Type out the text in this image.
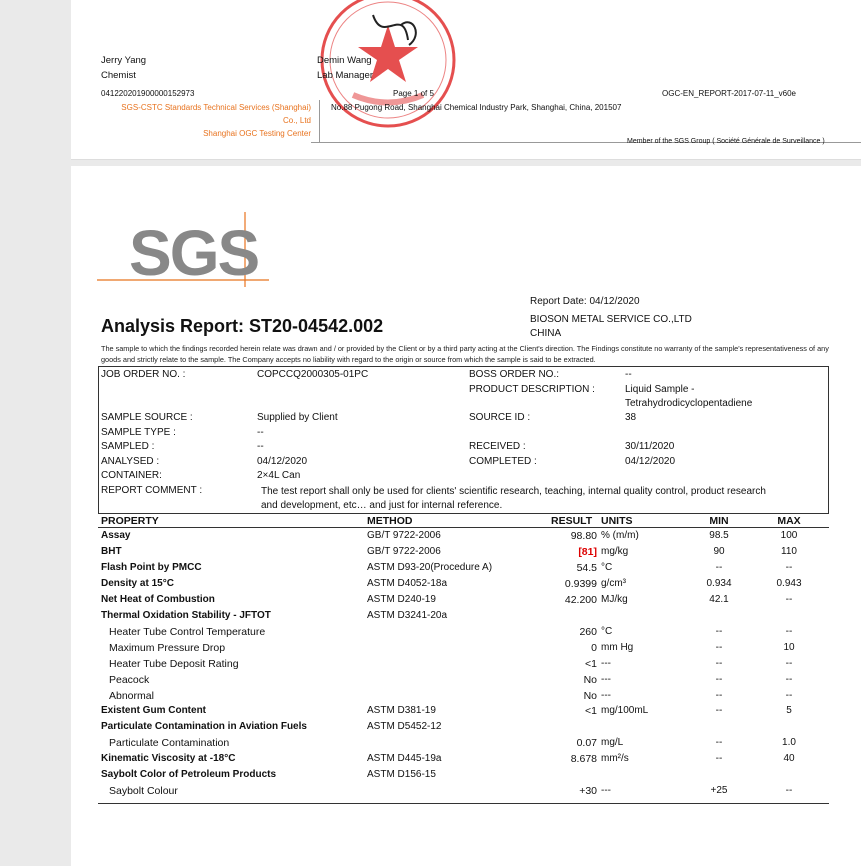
Jerry Yang
Chemist
Demin Wang
Lab Manager
041220201900000152973	Page 1 of 5	OGC-EN_REPORT-2017-07-11_v60e
SGS-CSTC Standards Technical Services (Shanghai)
Co., Ltd
Shanghai OGC Testing Center
No.88 Pugong Road, Shanghai Chemical Industry Park, Shanghai, China, 201507
Member of the SGS Group ( Société Générale de Surveillance )
SGS
Report Date: 04/12/2020
BIOSON METAL SERVICE CO.,LTD
CHINA
Analysis Report: ST20-04542.002
The sample to which the findings recorded herein relate was drawn and / or provided by the Client or by a third party acting at the Client's direction. The Findings constitute no warranty of the sample's representativeness of any goods and strictly relate to the sample. The Company accepts no liability with regard to the origin or source from which the sample is said to be extracted.
JOB ORDER NO. :	COPCCQ2000305-01PC	BOSS ORDER NO.:	--
PRODUCT DESCRIPTION :	Liquid Sample -
Tetrahydrodicyclopentadiene
SAMPLE SOURCE :	Supplied by Client	SOURCE ID :	38
SAMPLE TYPE :	--
SAMPLED :	--	RECEIVED :	30/11/2020
ANALYSED :	04/12/2020	COMPLETED :	04/12/2020
CONTAINER:	2×4L Can
REPORT COMMENT :	The test report shall only be used for clients' scientific research, teaching, internal quality control, product research
and development, etc… and just for internal reference.
PROPERTY	METHOD	RESULT UNITS	MIN	MAX
Assay	GB/T 9722-2006	98.80 % (m/m)	98.5	100
BHT	GB/T 9722-2006	[81] mg/kg	90	110
Flash Point by PMCC	ASTM D93-20(Procedure A)	54.5 °C	--	--
Density at 15°C	ASTM D4052-18a	0.9399 g/cm³	0.934	0.943
Net Heat of Combustion	ASTM D240-19	42.200 MJ/kg	42.1	--
Thermal Oxidation Stability - JFTOT	ASTM D3241-20a
Heater Tube Control Temperature	260 °C	--	--
Maximum Pressure Drop	0 mm Hg	--	10
Heater Tube Deposit Rating	<1 ---	--	--
Peacock	No ---	--	--
Abnormal	No ---	--	--
Existent Gum Content	ASTM D381-19	<1 mg/100mL	--	5
Particulate Contamination in Aviation Fuels	ASTM D5452-12
Particulate Contamination	0.07 mg/L	--	1.0
Kinematic Viscosity at -18°C	ASTM D445-19a	8.678 mm²/s	--	40
Saybolt Color of Petroleum Products	ASTM D156-15
Saybolt Colour	+30 ---	+25	--
